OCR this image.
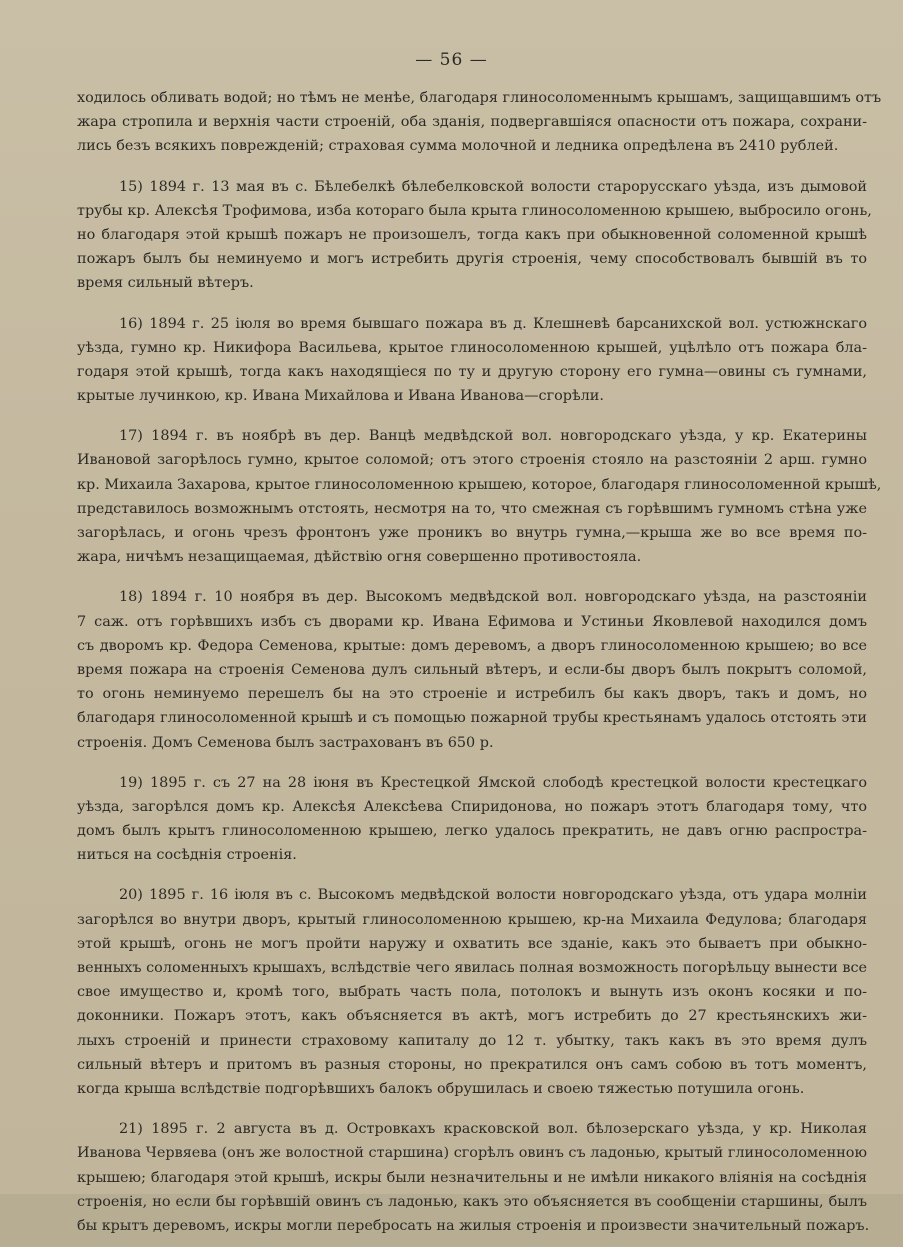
— 56 —
ходилось обливать водой; но тѣмъ не менѣе, благодаря глиносоломеннымъ крышамъ, защищавшимъ отъ
жара стропила и верхнія части строеній, оба зданія, подвергавшіяся опасности отъ пожара, сохрани-
лись безъ всякихъ поврежденій; страховая сумма молочной и ледника опредѣлена въ 2410 рублей.
15) 1894 г. 13 мая въ с. Бѣлебелкѣ бѣлебелковской волости старорусскаго уѣзда, изъ дымовой
трубы кр. Алексѣя Трофимова, изба котораго была крыта глиносоломенною крышею, выбросило огонь,
но благодаря этой крышѣ пожаръ не произошелъ, тогда какъ при обыкновенной соломенной крышѣ
пожаръ былъ бы неминуемо и могъ истребить другія строенія, чему способствовалъ бывшій въ то
время сильный вѣтеръ.
16) 1894 г. 25 іюля во время бывшаго пожара въ д. Клешневѣ барсанихской вол. устюжнскаго
уѣзда, гумно кр. Никифора Васильева, крытое глиносоломенною крышей, уцѣлѣло отъ пожара бла-
годаря этой крышѣ, тогда какъ находящіеся по ту и другую сторону его гумна—овины съ гумнами,
крытые лучинкою, кр. Ивана Михайлова и Ивана Иванова—сгорѣли.
17) 1894 г. въ ноябрѣ въ дер. Ванцѣ медвѣдской вол. новгородскаго уѣзда, у кр. Екатерины
Ивановой загорѣлось гумно, крытое соломой; отъ этого строенія стояло на разстояніи 2 арш. гумно
кр. Михаила Захарова, крытое глиносоломенною крышею, которое, благодаря глиносоломенной крышѣ,
представилось возможнымъ отстоять, несмотря на то, что смежная съ горѣвшимъ гумномъ стѣна уже
загорѣлась, и огонь чрезъ фронтонъ уже проникъ во внутрь гумна,—крыша же во все время по-
жара, ничѣмъ незащищаемая, дѣйствію огня совершенно противостояла.
18) 1894 г. 10 ноября въ дер. Высокомъ медвѣдской вол. новгородскаго уѣзда, на разстояніи
7 саж. отъ горѣвшихъ избъ съ дворами кр. Ивана Ефимова и Устиньи Яковлевой находился домъ
съ дворомъ кр. Федора Семенова, крытые: домъ деревомъ, а дворъ глиносоломенною крышею; во все
время пожара на строенія Семенова дулъ сильный вѣтеръ, и если-бы дворъ былъ покрытъ соломой,
то огонь неминуемо перешелъ бы на это строеніе и истребилъ бы какъ дворъ, такъ и домъ, но
благодаря глиносоломенной крышѣ и съ помощью пожарной трубы крестьянамъ удалось отстоять эти
строенія. Домъ Семенова былъ застрахованъ въ 650 р.
19) 1895 г. съ 27 на 28 іюня въ Крестецкой Ямской слободѣ крестецкой волости крестецкаго
уѣзда, загорѣлся домъ кр. Алексѣя Алексѣева Спиридонова, но пожаръ этотъ благодаря тому, что
домъ былъ крытъ глиносоломенною крышею, легко удалось прекратить, не давъ огню распростра-
ниться на сосѣднія строенія.
20) 1895 г. 16 іюля въ с. Высокомъ медвѣдской волости новгородскаго уѣзда, отъ удара молніи
загорѣлся во внутри дворъ, крытый глиносоломенною крышею, кр-на Михаила Федулова; благодаря
этой крышѣ, огонь не могъ пройти наружу и охватить все зданіе, какъ это бываетъ при обыкно-
венныхъ соломенныхъ крышахъ, вслѣдствіе чего явилась полная возможность погорѣльцу вынести все
свое имущество и, кромѣ того, выбрать часть пола, потолокъ и вынуть изъ оконъ косяки и по-
доконники. Пожаръ этотъ, какъ объясняется въ актѣ, могъ истребить до 27 крестьянскихъ жи-
лыхъ строеній и принести страховому капиталу до 12 т. убытку, такъ какъ въ это время дулъ
сильный вѣтеръ и притомъ въ разныя стороны, но прекратился онъ самъ собою въ тотъ моментъ,
когда крыша вслѣдствіе подгорѣвшихъ балокъ обрушилась и своею тяжестью потушила огонь.
21) 1895 г. 2 августа въ д. Островкахъ красковской вол. бѣлозерскаго уѣзда, у кр. Николая
Иванова Червяева (онъ же волостной старшина) сгорѣлъ овинъ съ ладонью, крытый глиносоломенною
крышею; благодаря этой крышѣ, искры были незначительны и не имѣли никакого вліянія на сосѣднія
строенія, но если бы горѣвшій овинъ съ ладонью, какъ это объясняется въ сообщеніи старшины, былъ
бы крытъ деревомъ, искры могли перебросать на жилыя строенія и произвести значительный пожаръ.
